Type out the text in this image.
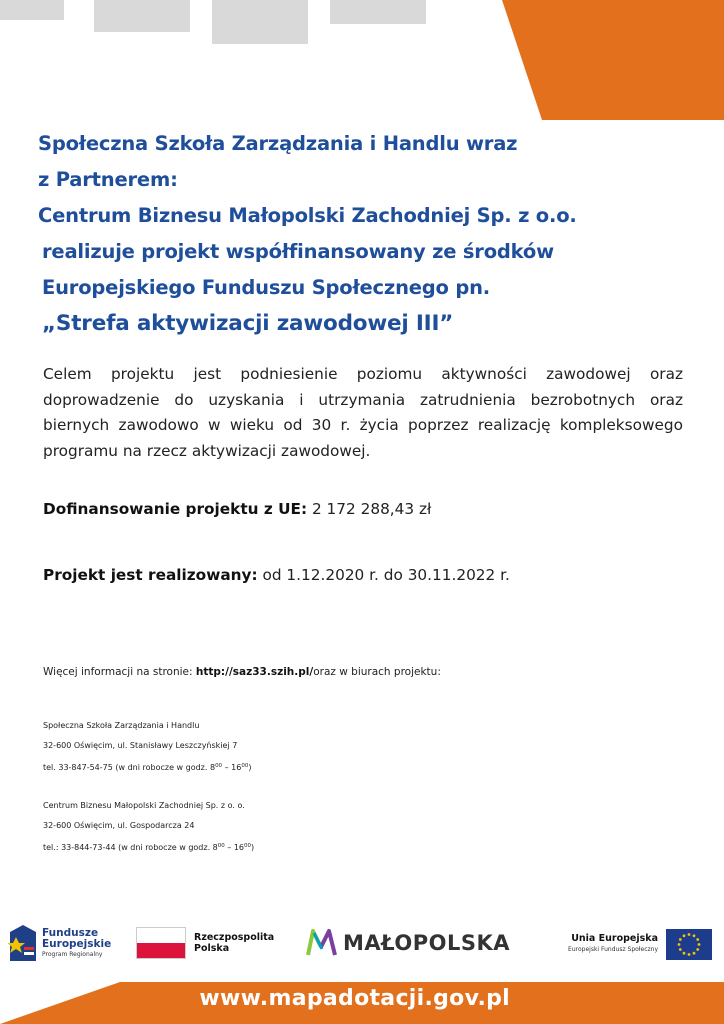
Społeczna Szkoła Zarządzania i Handlu wraz
z Partnerem:
Centrum Biznesu Małopolski Zachodniej Sp. z o.o.
realizuje projekt współfinansowany ze środków
Europejskiego Funduszu Społecznego pn.
„Strefa aktywizacji zawodowej III”
Celem projektu jest podniesienie poziomu aktywności zawodowej oraz doprowadzenie do uzyskania i utrzymania zatrudnienia bezrobotnych oraz biernych zawodowo w wieku od 30 r. życia poprzez realizację kompleksowego programu na rzecz aktywizacji zawodowej.
Dofinansowanie projektu z UE: 2 172 288,43 zł
Projekt jest realizowany: od 1.12.2020 r. do 30.11.2022 r.
Więcej informacji na stronie: http://saz33.szih.pl/oraz w biurach projektu:
Społeczna Szkoła Zarządzania i Handlu
32-600 Oświęcim, ul. Stanisławy Leszczyńskiej 7
tel. 33-847-54-75 (w dni robocze w godz. $8^{00} - 16^{00}$)
Centrum Biznesu Małopolski Zachodniej Sp. z o. o.
32-600 Oświęcim, ul. Gospodarcza 24
tel.: 33-844-73-44 (w dni robocze w godz. $8^{00} - 16^{00}$)
Fundusze
Europejskie
Program Regionalny
Rzeczpospolita
Polska	MAŁOPOLSKA	Unia Europejska
Europejski Fundusz Społeczny
www.mapadotacji.gov.pl
